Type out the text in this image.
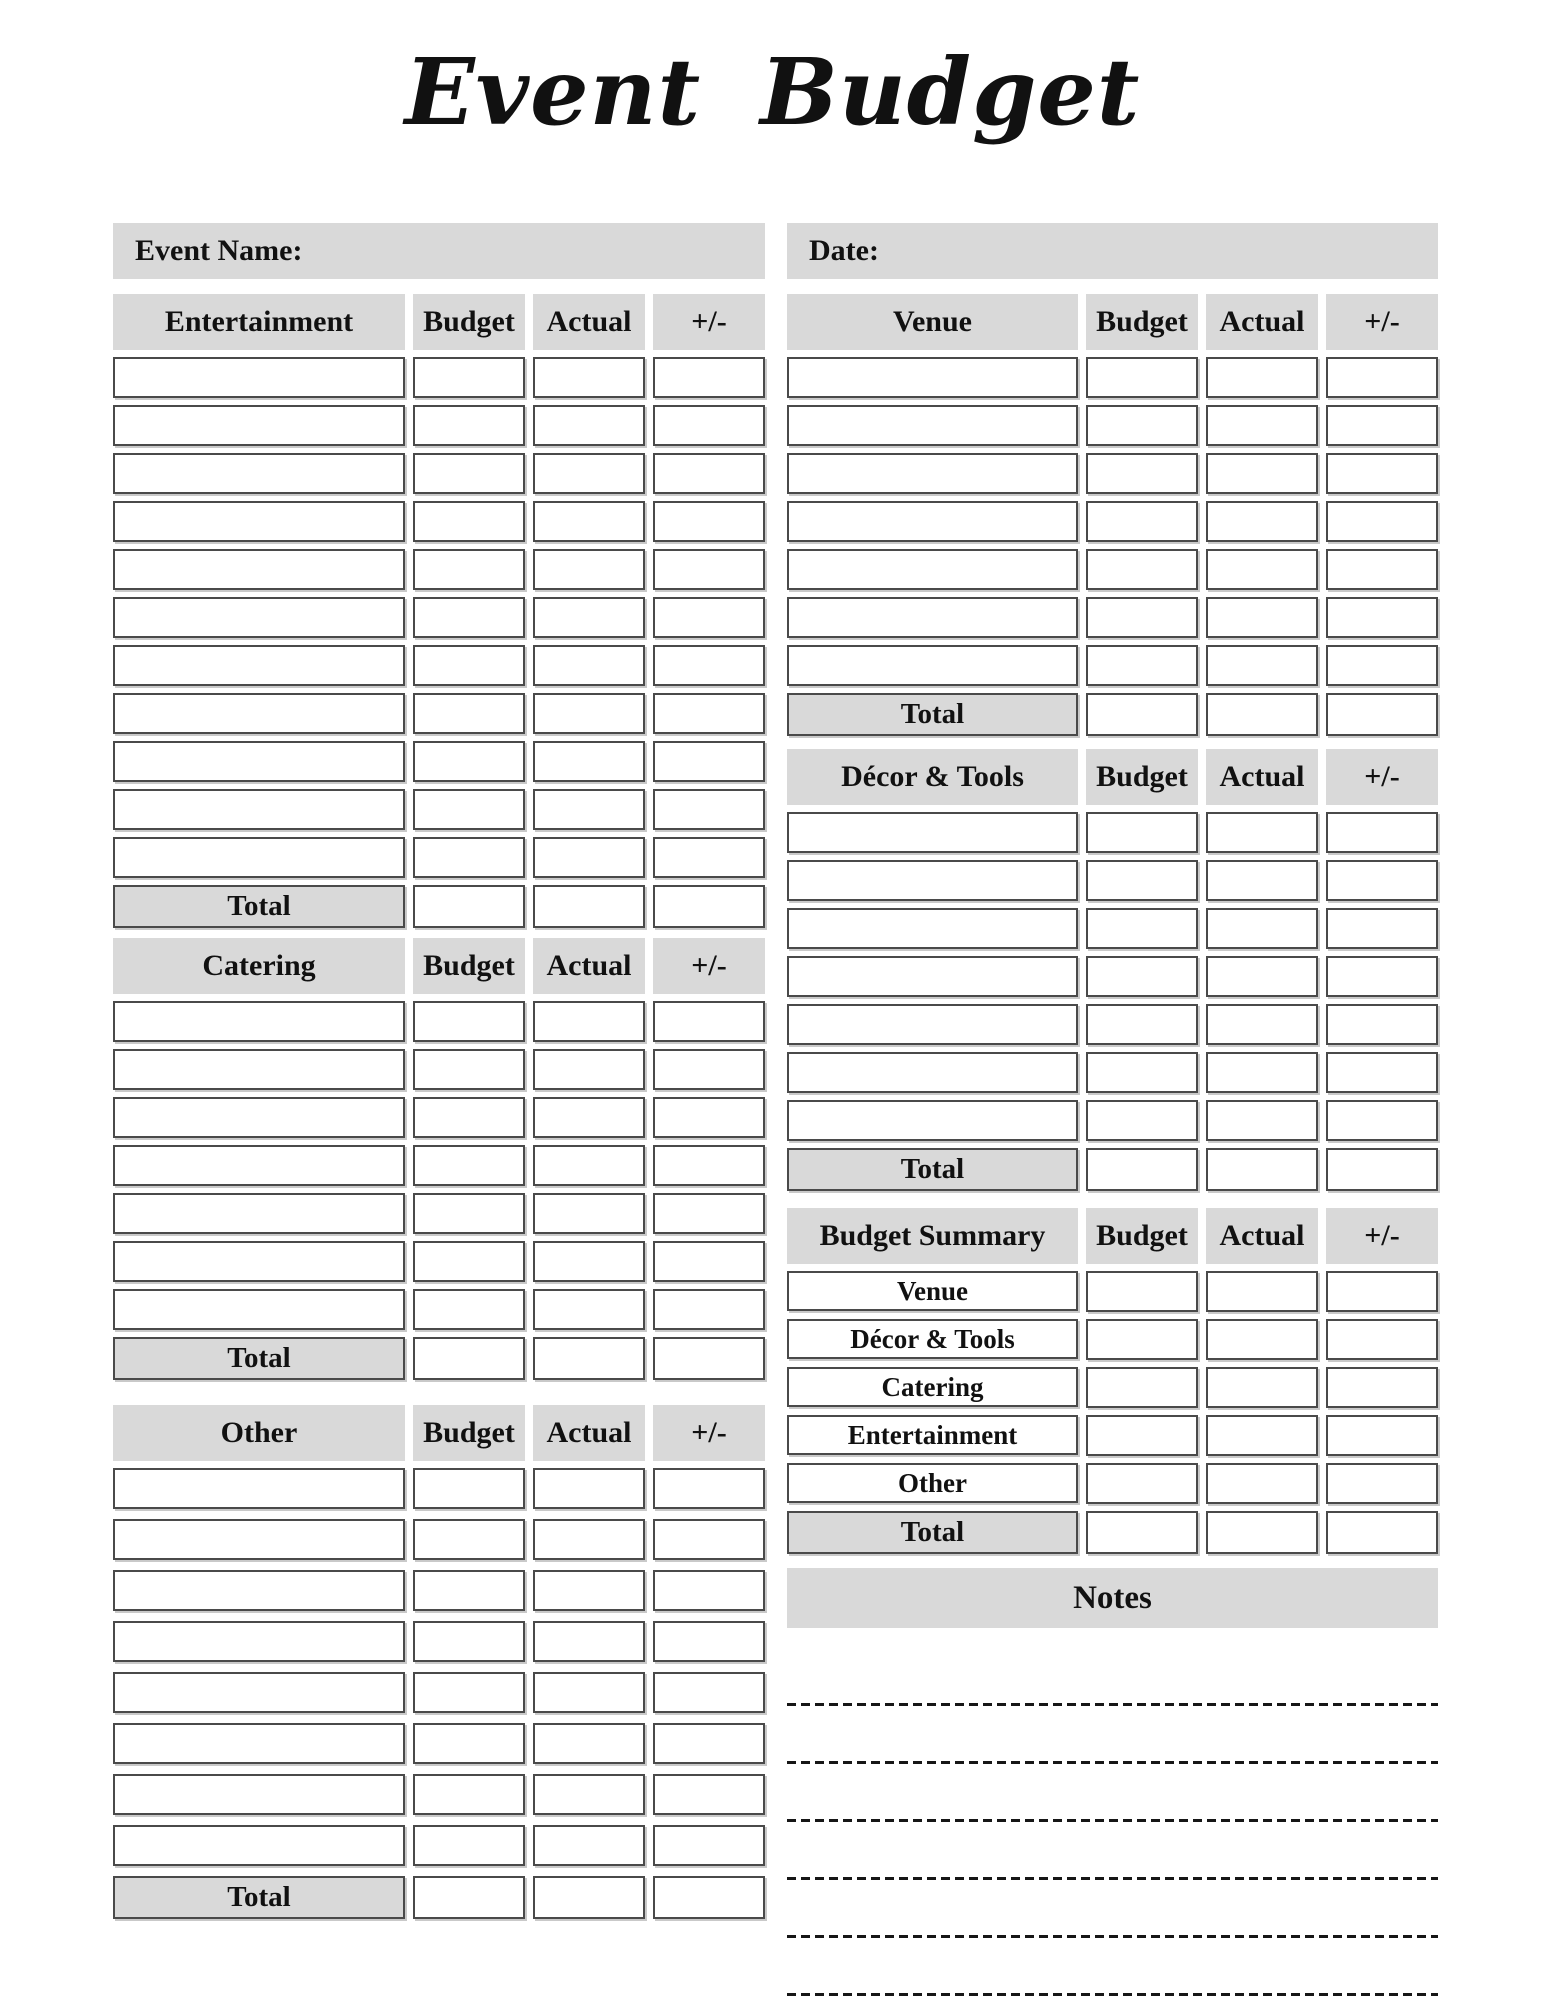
Event Budget
Event Name:
Entertainment	Budget	Actual	+/-
Total
Catering	Budget	Actual	+/-
Total
Other	Budget	Actual	+/-
Total
Date:
Venue	Budget	Actual	+/-
Total
Décor & Tools	Budget	Actual	+/-
Total
Budget Summary	Budget	Actual	+/-
Venue
Décor & Tools
Catering
Entertainment
Other
Total
Notes
